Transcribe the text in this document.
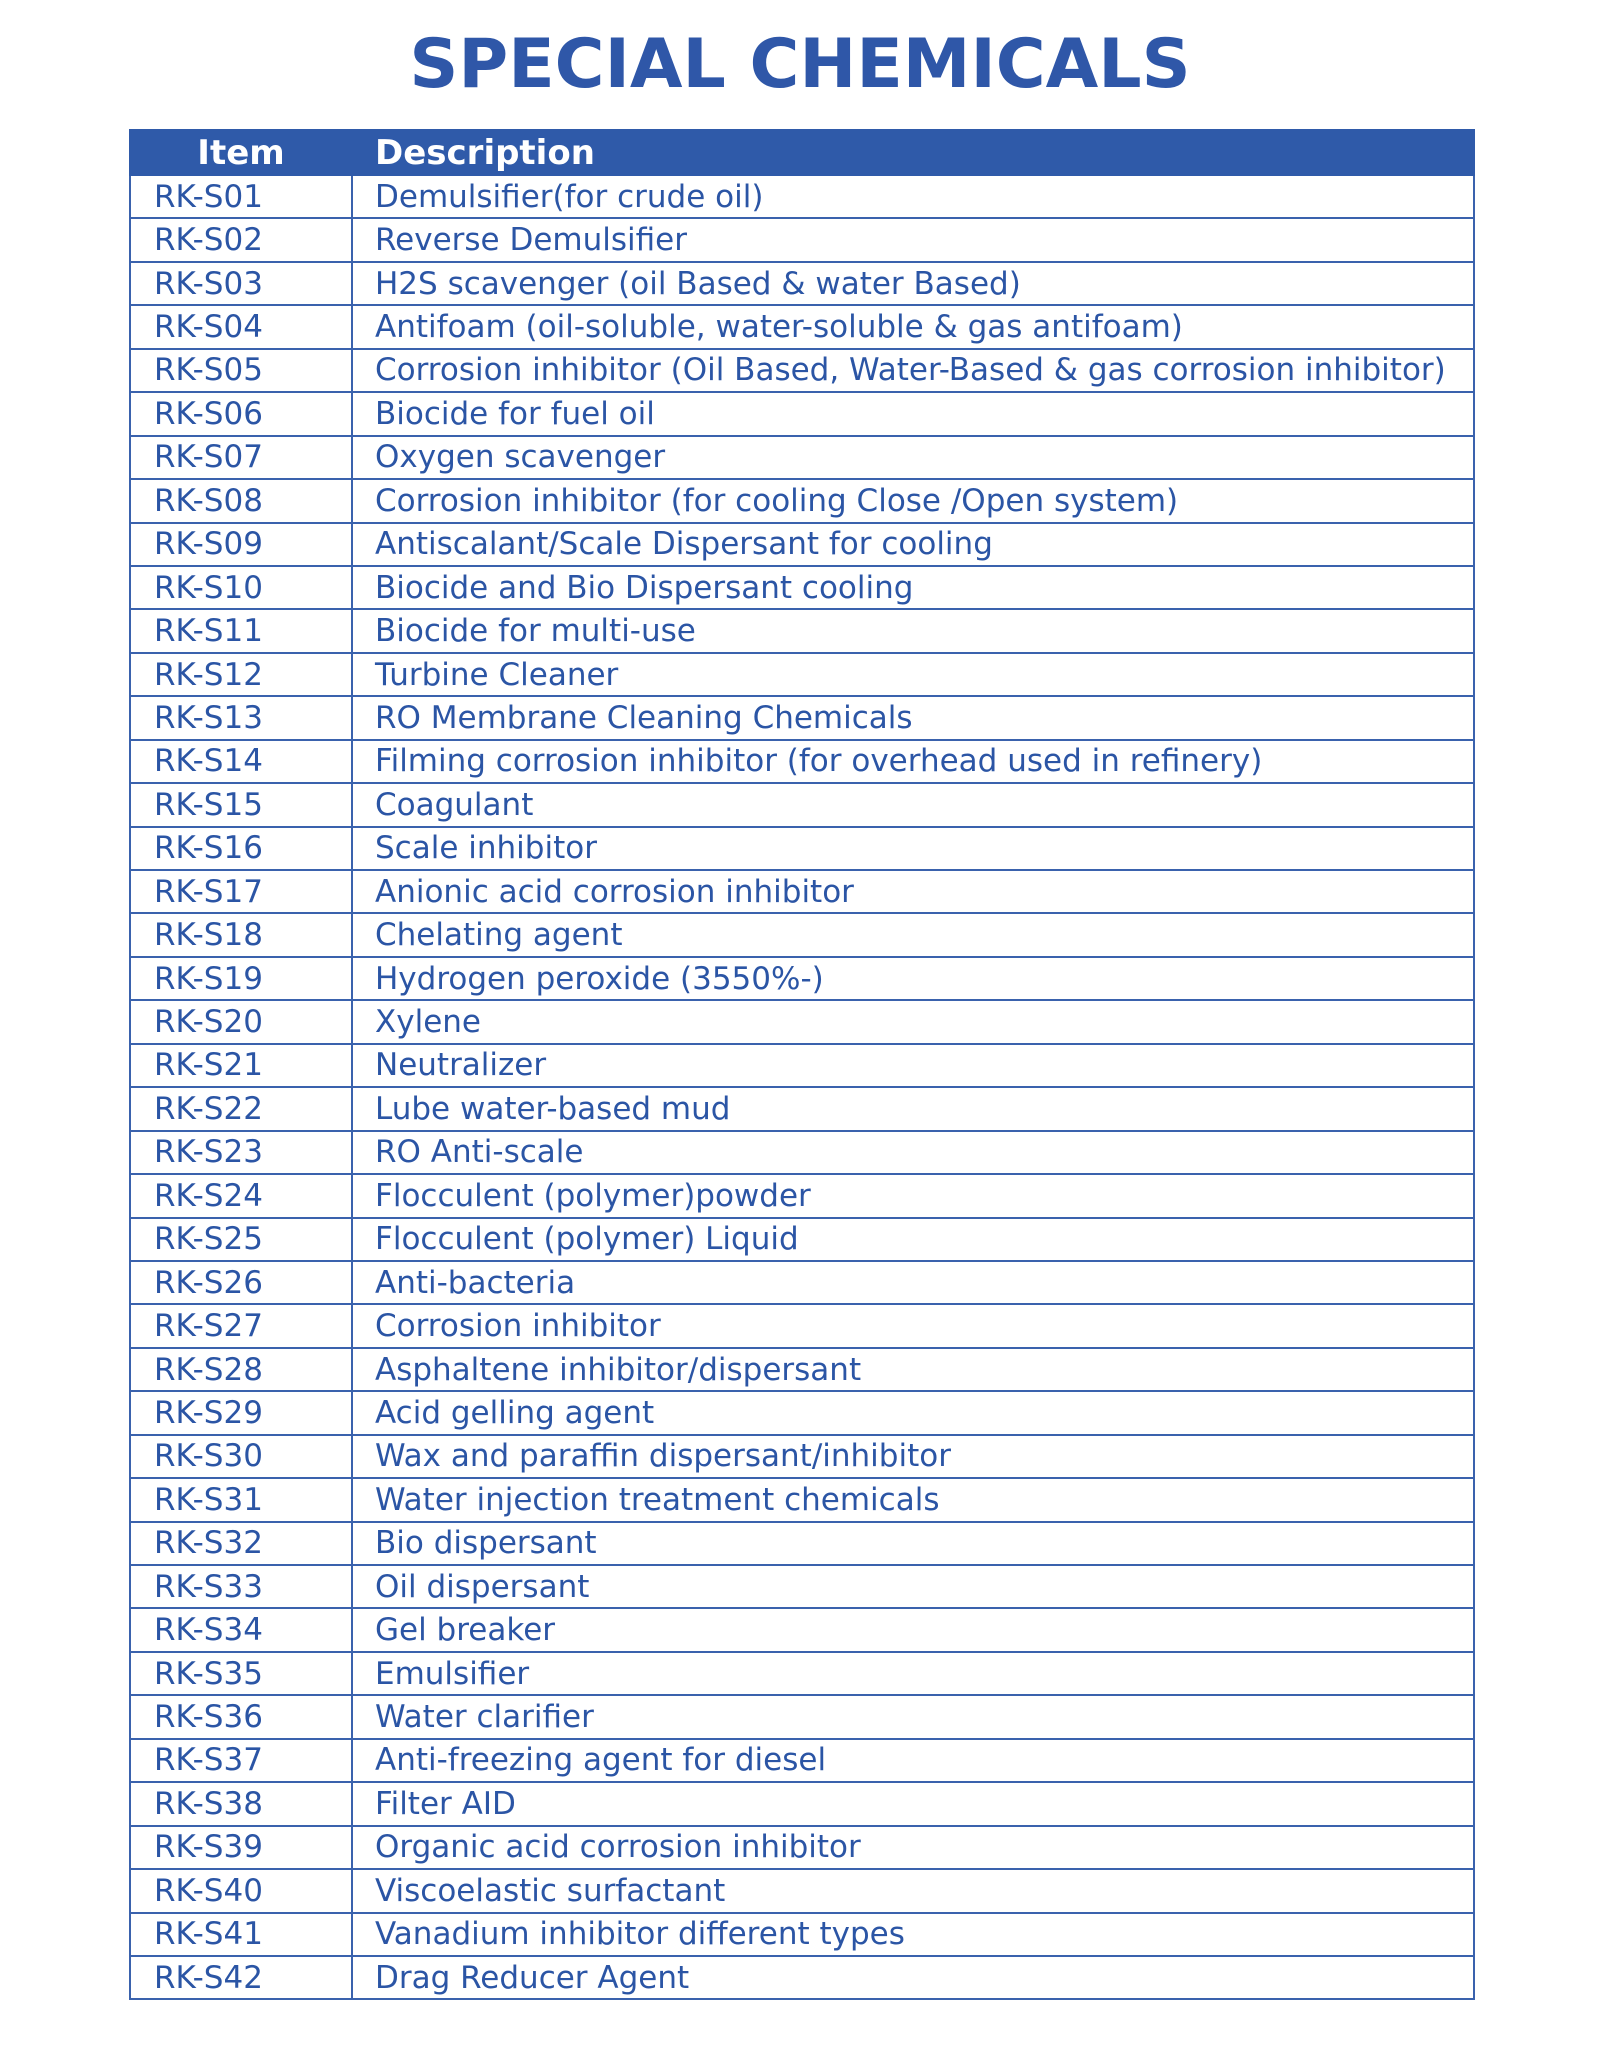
SPECIAL CHEMICALS
Item	Description
RK-S01	Demulsifier(for crude oil)
RK-S02	Reverse Demulsifier
RK-S03	H2S scavenger (oil Based & water Based)
RK-S04	Antifoam (oil-soluble, water-soluble & gas antifoam)
RK-S05	Corrosion inhibitor (Oil Based, Water-Based & gas corrosion inhibitor)
RK-S06	Biocide for fuel oil
RK-S07	Oxygen scavenger
RK-S08	Corrosion inhibitor (for cooling Close /Open system)
RK-S09	Antiscalant/Scale Dispersant for cooling
RK-S10	Biocide and Bio Dispersant cooling
RK-S11	Biocide for multi-use
RK-S12	Turbine Cleaner
RK-S13	RO Membrane Cleaning Chemicals
RK-S14	Filming corrosion inhibitor (for overhead used in refinery)
RK-S15	Coagulant
RK-S16	Scale inhibitor
RK-S17	Anionic acid corrosion inhibitor
RK-S18	Chelating agent
RK-S19	Hydrogen peroxide (3550%-)
RK-S20	Xylene
RK-S21	Neutralizer
RK-S22	Lube water-based mud
RK-S23	RO Anti-scale
RK-S24	Flocculent (polymer)powder
RK-S25	Flocculent (polymer) Liquid
RK-S26	Anti-bacteria
RK-S27	Corrosion inhibitor
RK-S28	Asphaltene inhibitor/dispersant
RK-S29	Acid gelling agent
RK-S30	Wax and paraffin dispersant/inhibitor
RK-S31	Water injection treatment chemicals
RK-S32	Bio dispersant
RK-S33	Oil dispersant
RK-S34	Gel breaker
RK-S35	Emulsifier
RK-S36	Water clarifier
RK-S37	Anti-freezing agent for diesel
RK-S38	Filter AID
RK-S39	Organic acid corrosion inhibitor
RK-S40	Viscoelastic surfactant
RK-S41	Vanadium inhibitor different types
RK-S42	Drag Reducer Agent
